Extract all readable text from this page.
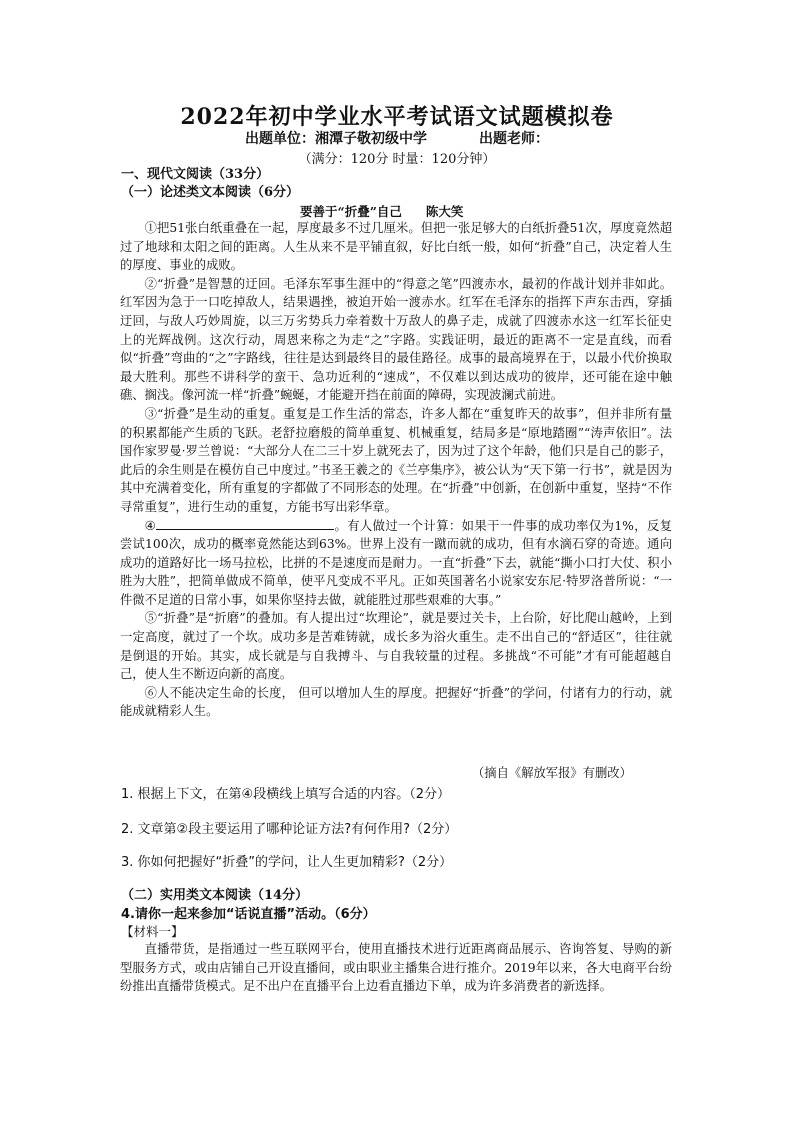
2022年初中学业水平考试语文试题模拟卷
出题单位：湘潭子敬初级中学	出题老师：
（满分：120分 时量：120分钟）
一、现代文阅读（33分）
（一）论述类文本阅读（6分）
要善于“折叠”自己 陈大笑

①把51张白纸重叠在一起，厚度最多不过几厘米。但把一张足够大的白纸折叠51次，厚度竟然超过了地球和太阳之间的距离。人生从来不是平铺直叙，好比白纸一般，如何“折叠”自己，决定着人生的厚度、事业的成败。

②“折叠”是智慧的迂回。毛泽东军事生涯中的“得意之笔”四渡赤水，最初的作战计划并非如此。红军因为急于一口吃掉敌人，结果遇挫，被迫开始一渡赤水。红军在毛泽东的指挥下声东击西，穿插迂回，与敌人巧妙周旋，以三万劣势兵力牵着数十万敌人的鼻子走，成就了四渡赤水这一红军长征史上的光辉战例。这次行动，周恩来称之为走“之”字路。实践证明，最近的距离不一定是直线，而看似“折叠”弯曲的“之”字路线，往往是达到最终目的最佳路径。成事的最高境界在于，以最小代价换取最大胜利。那些不讲科学的蛮干、急功近利的“速成”，不仅难以到达成功的彼岸，还可能在途中触礁、搁浅。像河流一样“折叠”蜿蜒，才能避开挡在前面的障碍，实现波澜式前进。

③“折叠”是生动的重复。重复是工作生活的常态，许多人都在“重复昨天的故事”，但并非所有量的积累都能产生质的飞跃。老舒拉磨般的简单重复、机械重复，结局多是“原地踏圈”“涛声依旧”。法国作家罗曼·罗兰曾说：“大部分人在二三十岁上就死去了，因为过了这个年龄，他们只是自己的影子，此后的余生则是在模仿自己中度过。”书圣王羲之的《兰亭集序》，被公认为“天下第一行书”，就是因为其中充满着变化，所有重复的字都做了不同形态的处理。在“折叠”中创新，在创新中重复，坚持“不作寻常重复”，进行生动的重复，方能书写出彩华章。

④	。有人做过一个计算：如果干一件事的成功率仅为1%，反复尝试100次，成功的概率竟然能达到63%。世界上没有一蹴而就的成功，但有水滴石穿的奇迹。通向成功的道路好比一场马拉松，比拼的不是速度而是耐力。一直“折叠”下去，就能“撕小口打大仗、积小胜为大胜”，把简单做成不简单，使平凡变成不平凡。正如英国著名小说家安东尼·特罗洛普所说：“一件微不足道的日常小事，如果你坚持去做，就能胜过那些艰难的大事。”

⑤“折叠”是“折磨”的叠加。有人提出过“坎理论”，就是要过关卡，上台阶，好比爬山越岭，上到一定高度，就过了一个坎。成功多是苦难铸就，成长多为浴火重生。走不出自己的“舒适区”，往往就是倒退的开始。其实，成长就是与自我搏斗、与自我较量的过程。多挑战“不可能”才有可能超越自己，使人生不断迈向新的高度。

⑥人不能决定生命的长度， 但可以增加人生的厚度。把握好“折叠”的学问，付诸有力的行动，就能成就精彩人生。

（摘自《解放军报》有删改）
1. 根据上下文，在第④段横线上填写合适的内容。（2分）
2. 文章第②段主要运用了哪种论证方法?有何作用?（2分）
3. 你如何把握好“折叠”的学问，让人生更加精彩?（2分）
（二）实用类文本阅读（14分）
4.请你一起来参加“话说直播”活动。（6分）
【材料一】

直播带货，是指通过一些互联网平台，使用直播技术进行近距离商品展示、咨询答复、导购的新型服务方式，或由店铺自己开设直播间，或由职业主播集合进行推介。2019年以来，各大电商平台纷纷推出直播带货模式。足不出户在直播平台上边看直播边下单，成为许多消费者的新选择。
